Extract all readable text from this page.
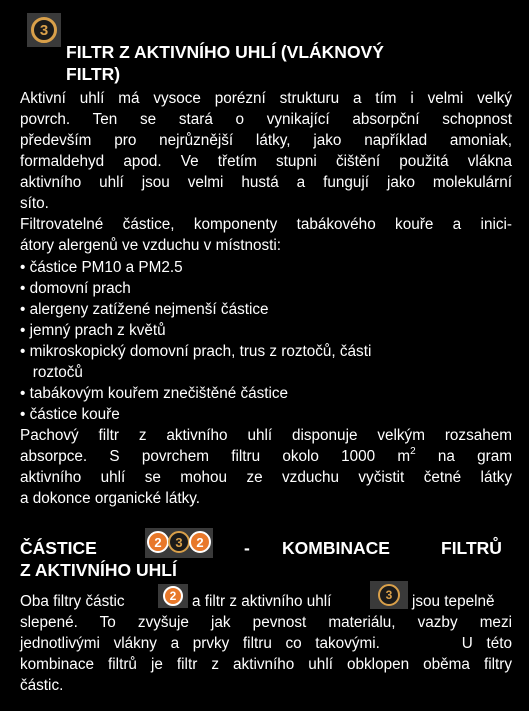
3
FILTR Z AKTIVNÍHO UHLÍ (VLÁKNOVÝ
FILTR)
Aktivní uhlí má vysoce porézní strukturu a tím i velmi velký
povrch. Ten se stará o vynikající absorpční schopnost
především pro nejrůznější látky, jako například amoniak,
formaldehyd apod. Ve třetím stupni čištění použitá vlákna
aktivního uhlí jsou velmi hustá a fungují jako molekulární
síto.
Filtrovatelné částice, komponenty tabákového kouře a inici-
átory alergenů ve vzduchu v místnosti:
• částice PM10 a PM2.5
• domovní prach
• alergeny zatížené nejmenší částice
• jemný prach z květů
• mikroskopický domovní prach, trus z roztočů, části
roztočů
• tabákovým kouřem znečištěné částice
• částice kouře
Pachový filtr z aktivního uhlí disponuje velkým rozsahem
absorpce. S povrchem filtru okolo 1000 $m^2$ na gram
aktivního uhlí se mohou ze vzduchu vyčistit četné látky
a dokonce organické látky.
ČÁSTICE	2	3	2	- KOMBINACE	FILTRŮ
Z AKTIVNÍHO UHLÍ
Oba filtry částic	2	a filtr z aktivního uhlí	3	jsou tepelně
slepené. To zvyšuje jak pevnost materiálu, vazby mezi
jednotlivými vlákny a prvky filtru co takovými.      U této
kombinace filtrů je filtr z aktivního uhlí obklopen oběma filtry
částic.
